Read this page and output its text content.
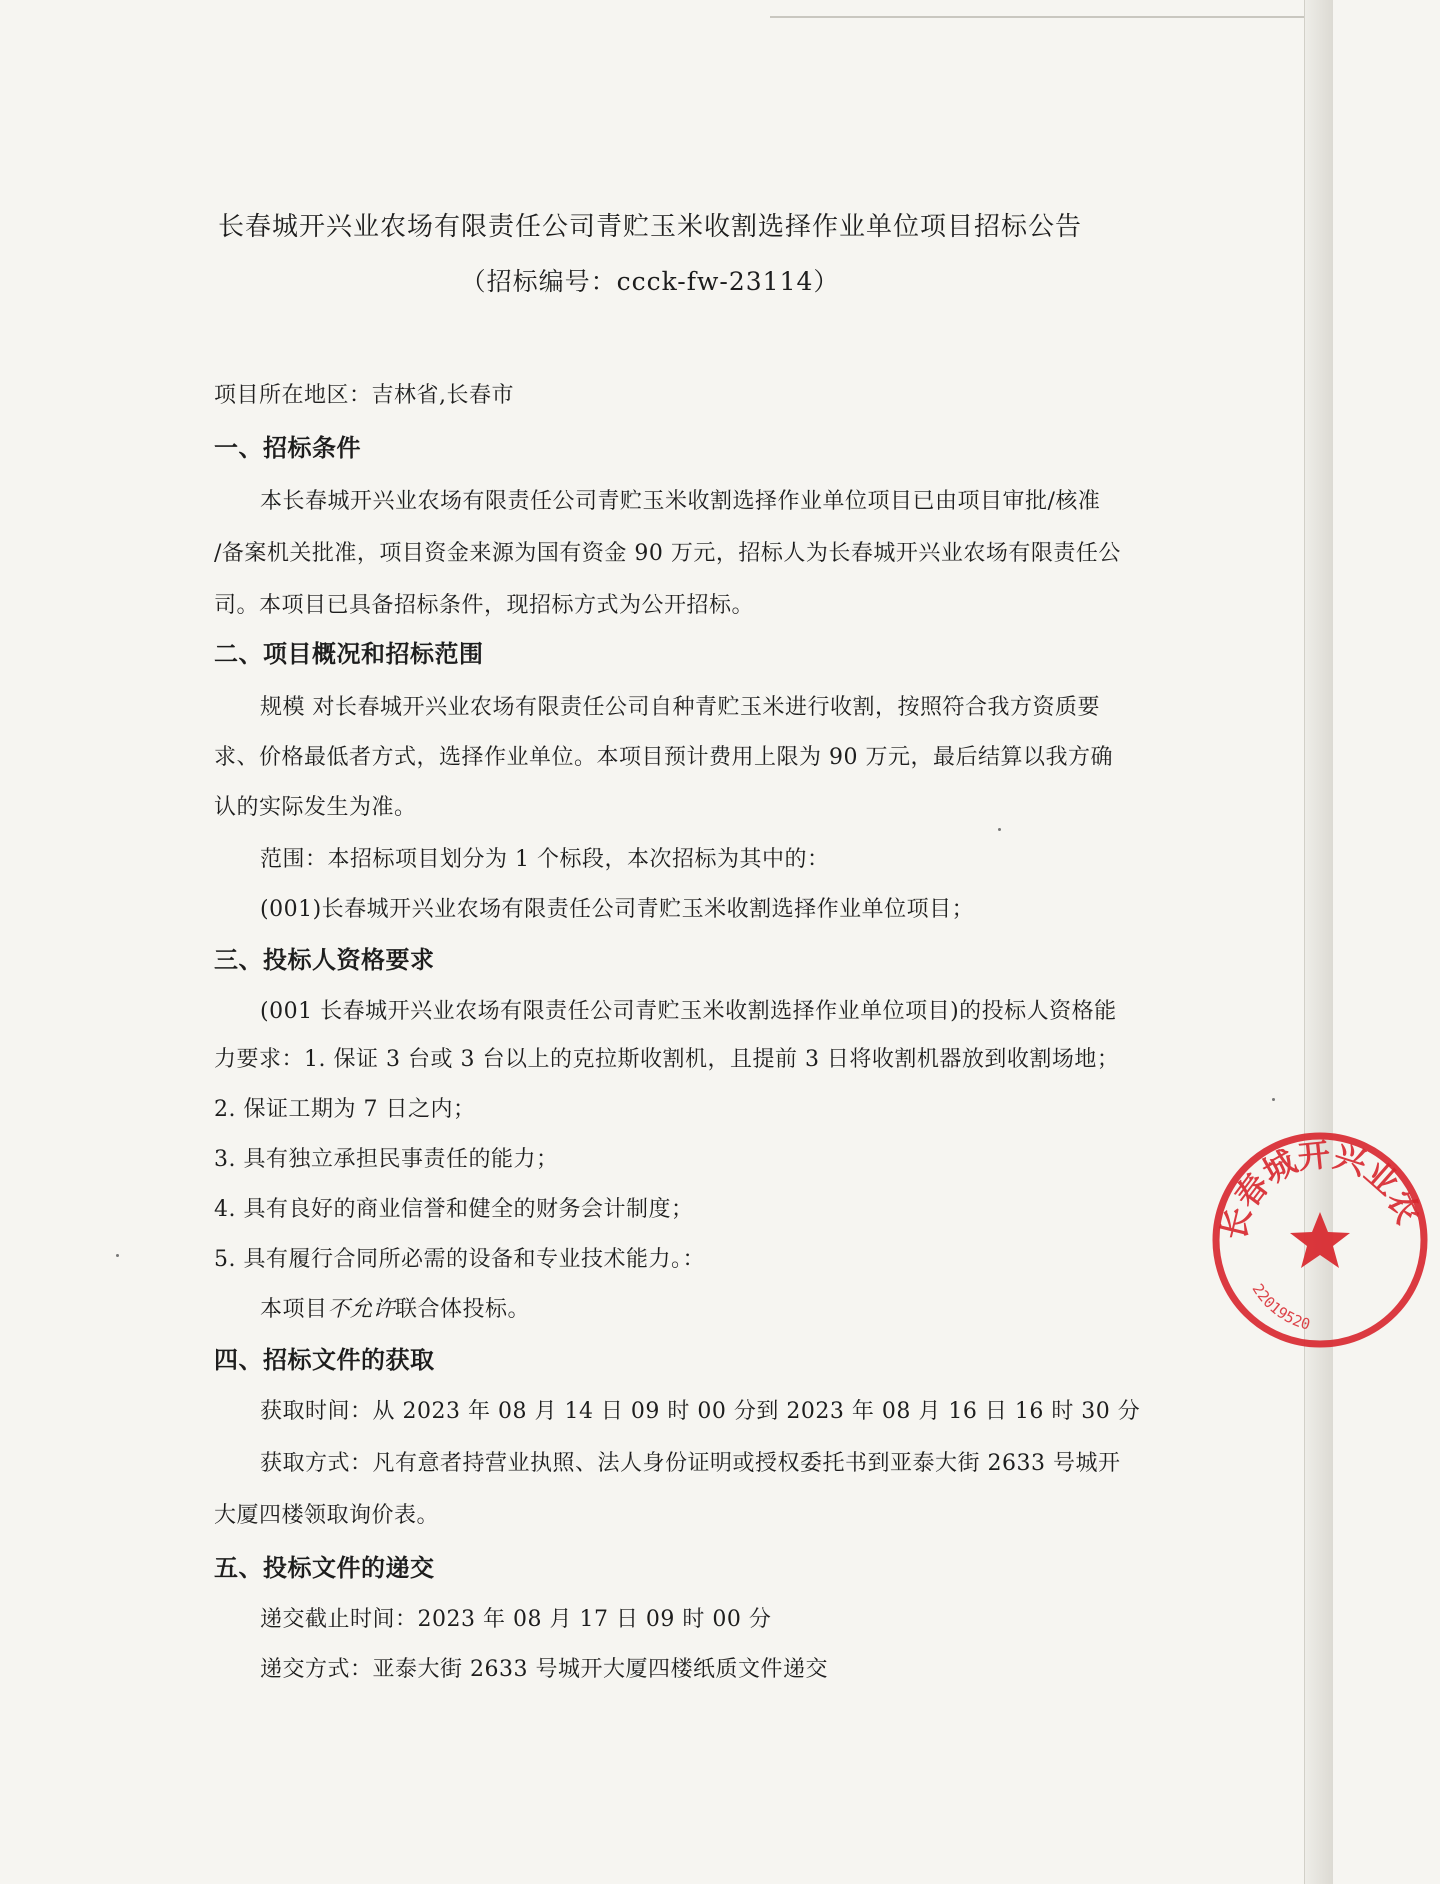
长春城开兴业农场有限责任公司青贮玉米收割选择作业单位项目招标公告
（招标编号：ccck-fw-23114）
项目所在地区：吉林省,长春市
一、招标条件
本长春城开兴业农场有限责任公司青贮玉米收割选择作业单位项目已由项目审批/核准
/备案机关批准，项目资金来源为国有资金 90 万元，招标人为长春城开兴业农场有限责任公
司。本项目已具备招标条件，现招标方式为公开招标。
二、项目概况和招标范围
规模 对长春城开兴业农场有限责任公司自种青贮玉米进行收割，按照符合我方资质要
求、价格最低者方式，选择作业单位。本项目预计费用上限为 90 万元，最后结算以我方确
认的实际发生为准。
范围：本招标项目划分为 1 个标段，本次招标为其中的：
(001)长春城开兴业农场有限责任公司青贮玉米收割选择作业单位项目；
三、投标人资格要求
(001 长春城开兴业农场有限责任公司青贮玉米收割选择作业单位项目)的投标人资格能
力要求：1. 保证 3 台或 3 台以上的克拉斯收割机，且提前 3 日将收割机器放到收割场地；
2. 保证工期为 7 日之内；
3. 具有独立承担民事责任的能力；
4. 具有良好的商业信誉和健全的财务会计制度；
5. 具有履行合同所必需的设备和专业技术能力。：
本项目不允许联合体投标。
四、招标文件的获取
获取时间：从 2023 年 08 月 14 日 09 时 00 分到 2023 年 08 月 16 日 16 时 30 分
获取方式：凡有意者持营业执照、法人身份证明或授权委托书到亚泰大街 2633 号城开
大厦四楼领取询价表。
五、投标文件的递交
递交截止时间：2023 年 08 月 17 日 09 时 00 分
递交方式：亚泰大街 2633 号城开大厦四楼纸质文件递交
长春城开兴业农
22019520
